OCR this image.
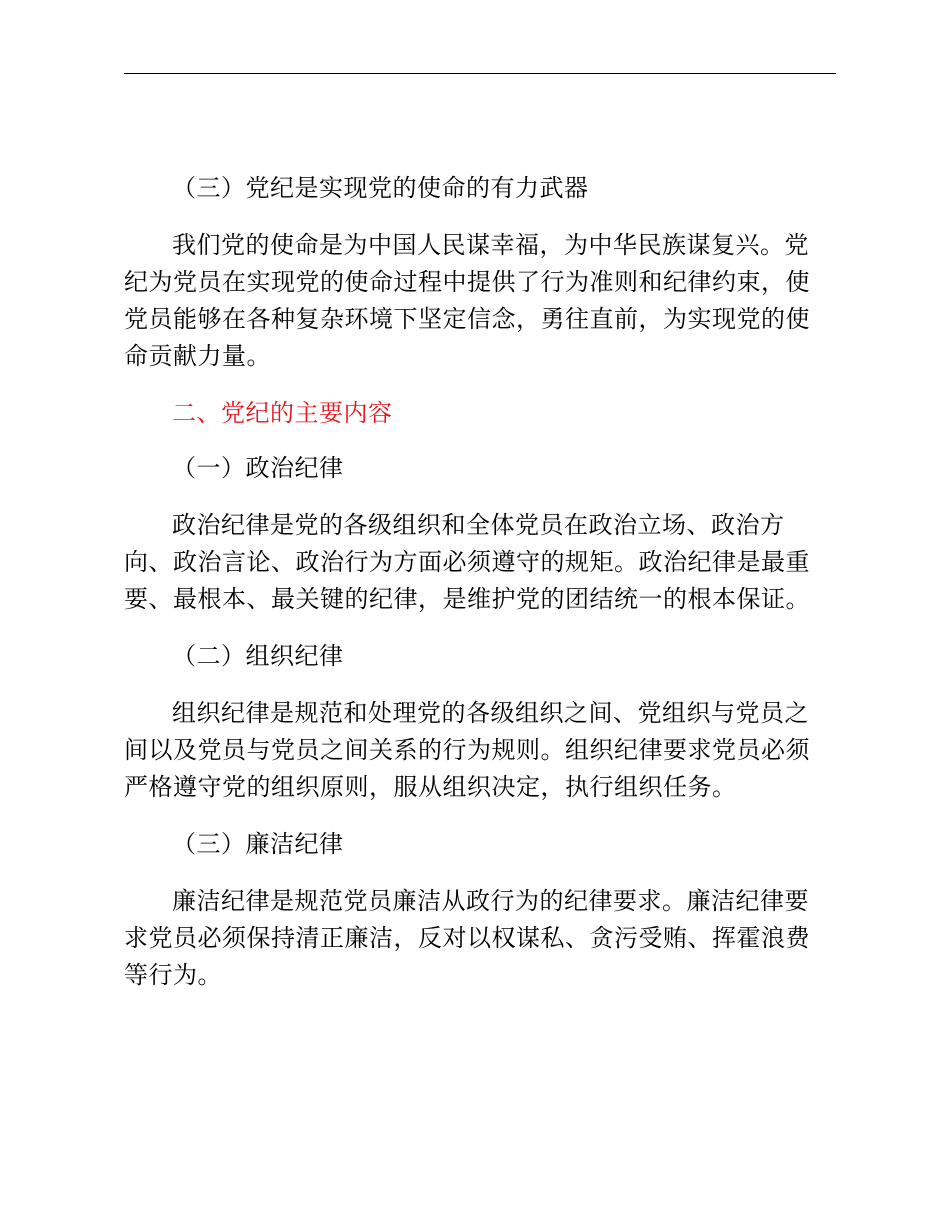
（三）党纪是实现党的使命的有力武器
我们党的使命是为中国人民谋幸福，为中华民族谋复兴。党
纪为党员在实现党的使命过程中提供了行为准则和纪律约束，使
党员能够在各种复杂环境下坚定信念，勇往直前，为实现党的使
命贡献力量。
二、党纪的主要内容
（一）政治纪律
政治纪律是党的各级组织和全体党员在政治立场、政治方
向、政治言论、政治行为方面必须遵守的规矩。政治纪律是最重
要、最根本、最关键的纪律，是维护党的团结统一的根本保证。
（二）组织纪律
组织纪律是规范和处理党的各级组织之间、党组织与党员之
间以及党员与党员之间关系的行为规则。组织纪律要求党员必须
严格遵守党的组织原则，服从组织决定，执行组织任务。
（三）廉洁纪律
廉洁纪律是规范党员廉洁从政行为的纪律要求。廉洁纪律要
求党员必须保持清正廉洁，反对以权谋私、贪污受贿、挥霍浪费
等行为。
